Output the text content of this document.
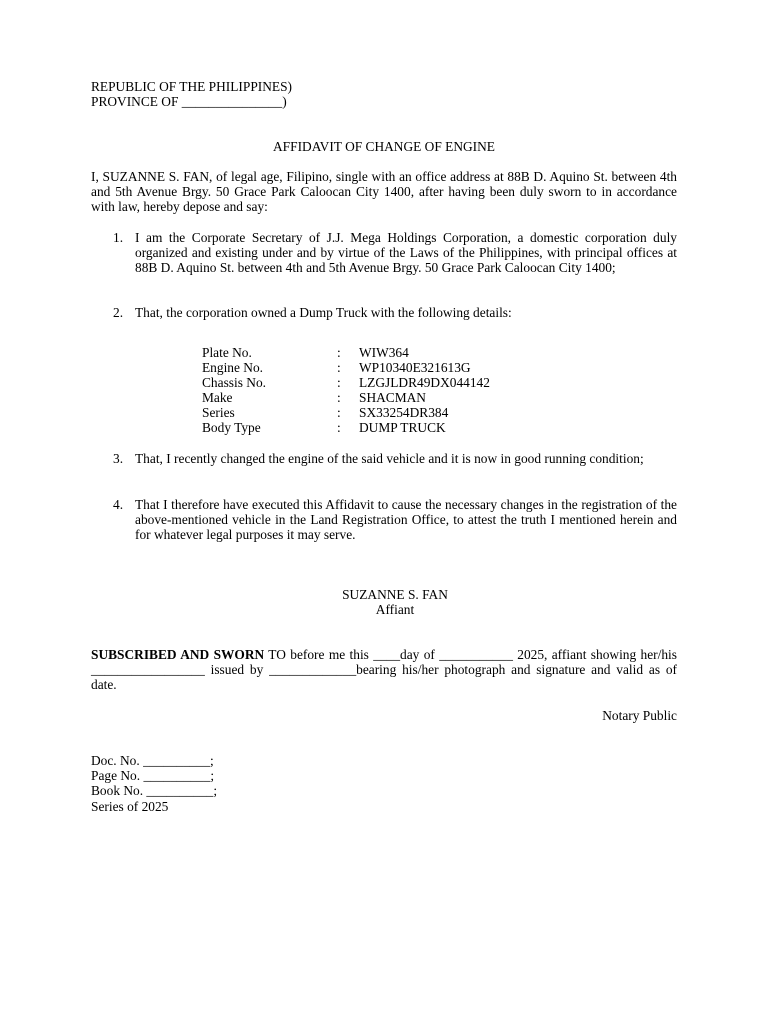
REPUBLIC OF THE PHILIPPINES)

PROVINCE OF _______________)

AFFIDAVIT OF CHANGE OF ENGINE
I, SUZANNE S. FAN, of legal age, Filipino, single with an office address at 88B D. Aquino St. between 4th and 5th Avenue Brgy. 50 Grace Park Caloocan City 1400, after having been duly sworn to in accordance with law, hereby depose and say:
1. I am the Corporate Secretary of J.J. Mega Holdings Corporation, a domestic corporation duly organized and existing under and by virtue of the Laws of the Philippines, with principal offices at 88B D. Aquino St. between 4th and 5th Avenue Brgy. 50 Grace Park Caloocan City 1400;
2. That, the corporation owned a Dump Truck with the following details:
Plate No.	: WIW364
Engine No.	: WP10340E321613G
Chassis No.	: LZGJLDR49DX044142
Make	: SHACMAN
Series	: SX33254DR384
Body Type	: DUMP TRUCK
3. That, I recently changed the engine of the said vehicle and it is now in good running condition;
4. That I therefore have executed this Affidavit to cause the necessary changes in the registration of the above-mentioned vehicle in the Land Registration Office, to attest the truth I mentioned herein and for whatever legal purposes it may serve.

SUZANNE S. FAN

Affiant

SUBSCRIBED AND SWORN TO before me this ____day of ___________ 2025, affiant showing her/his _________________ issued by _____________bearing his/her photograph and signature and valid as of date.
Notary Public

Doc. No. __________;

Page No. __________;

Book No. __________;

Series of 2025
